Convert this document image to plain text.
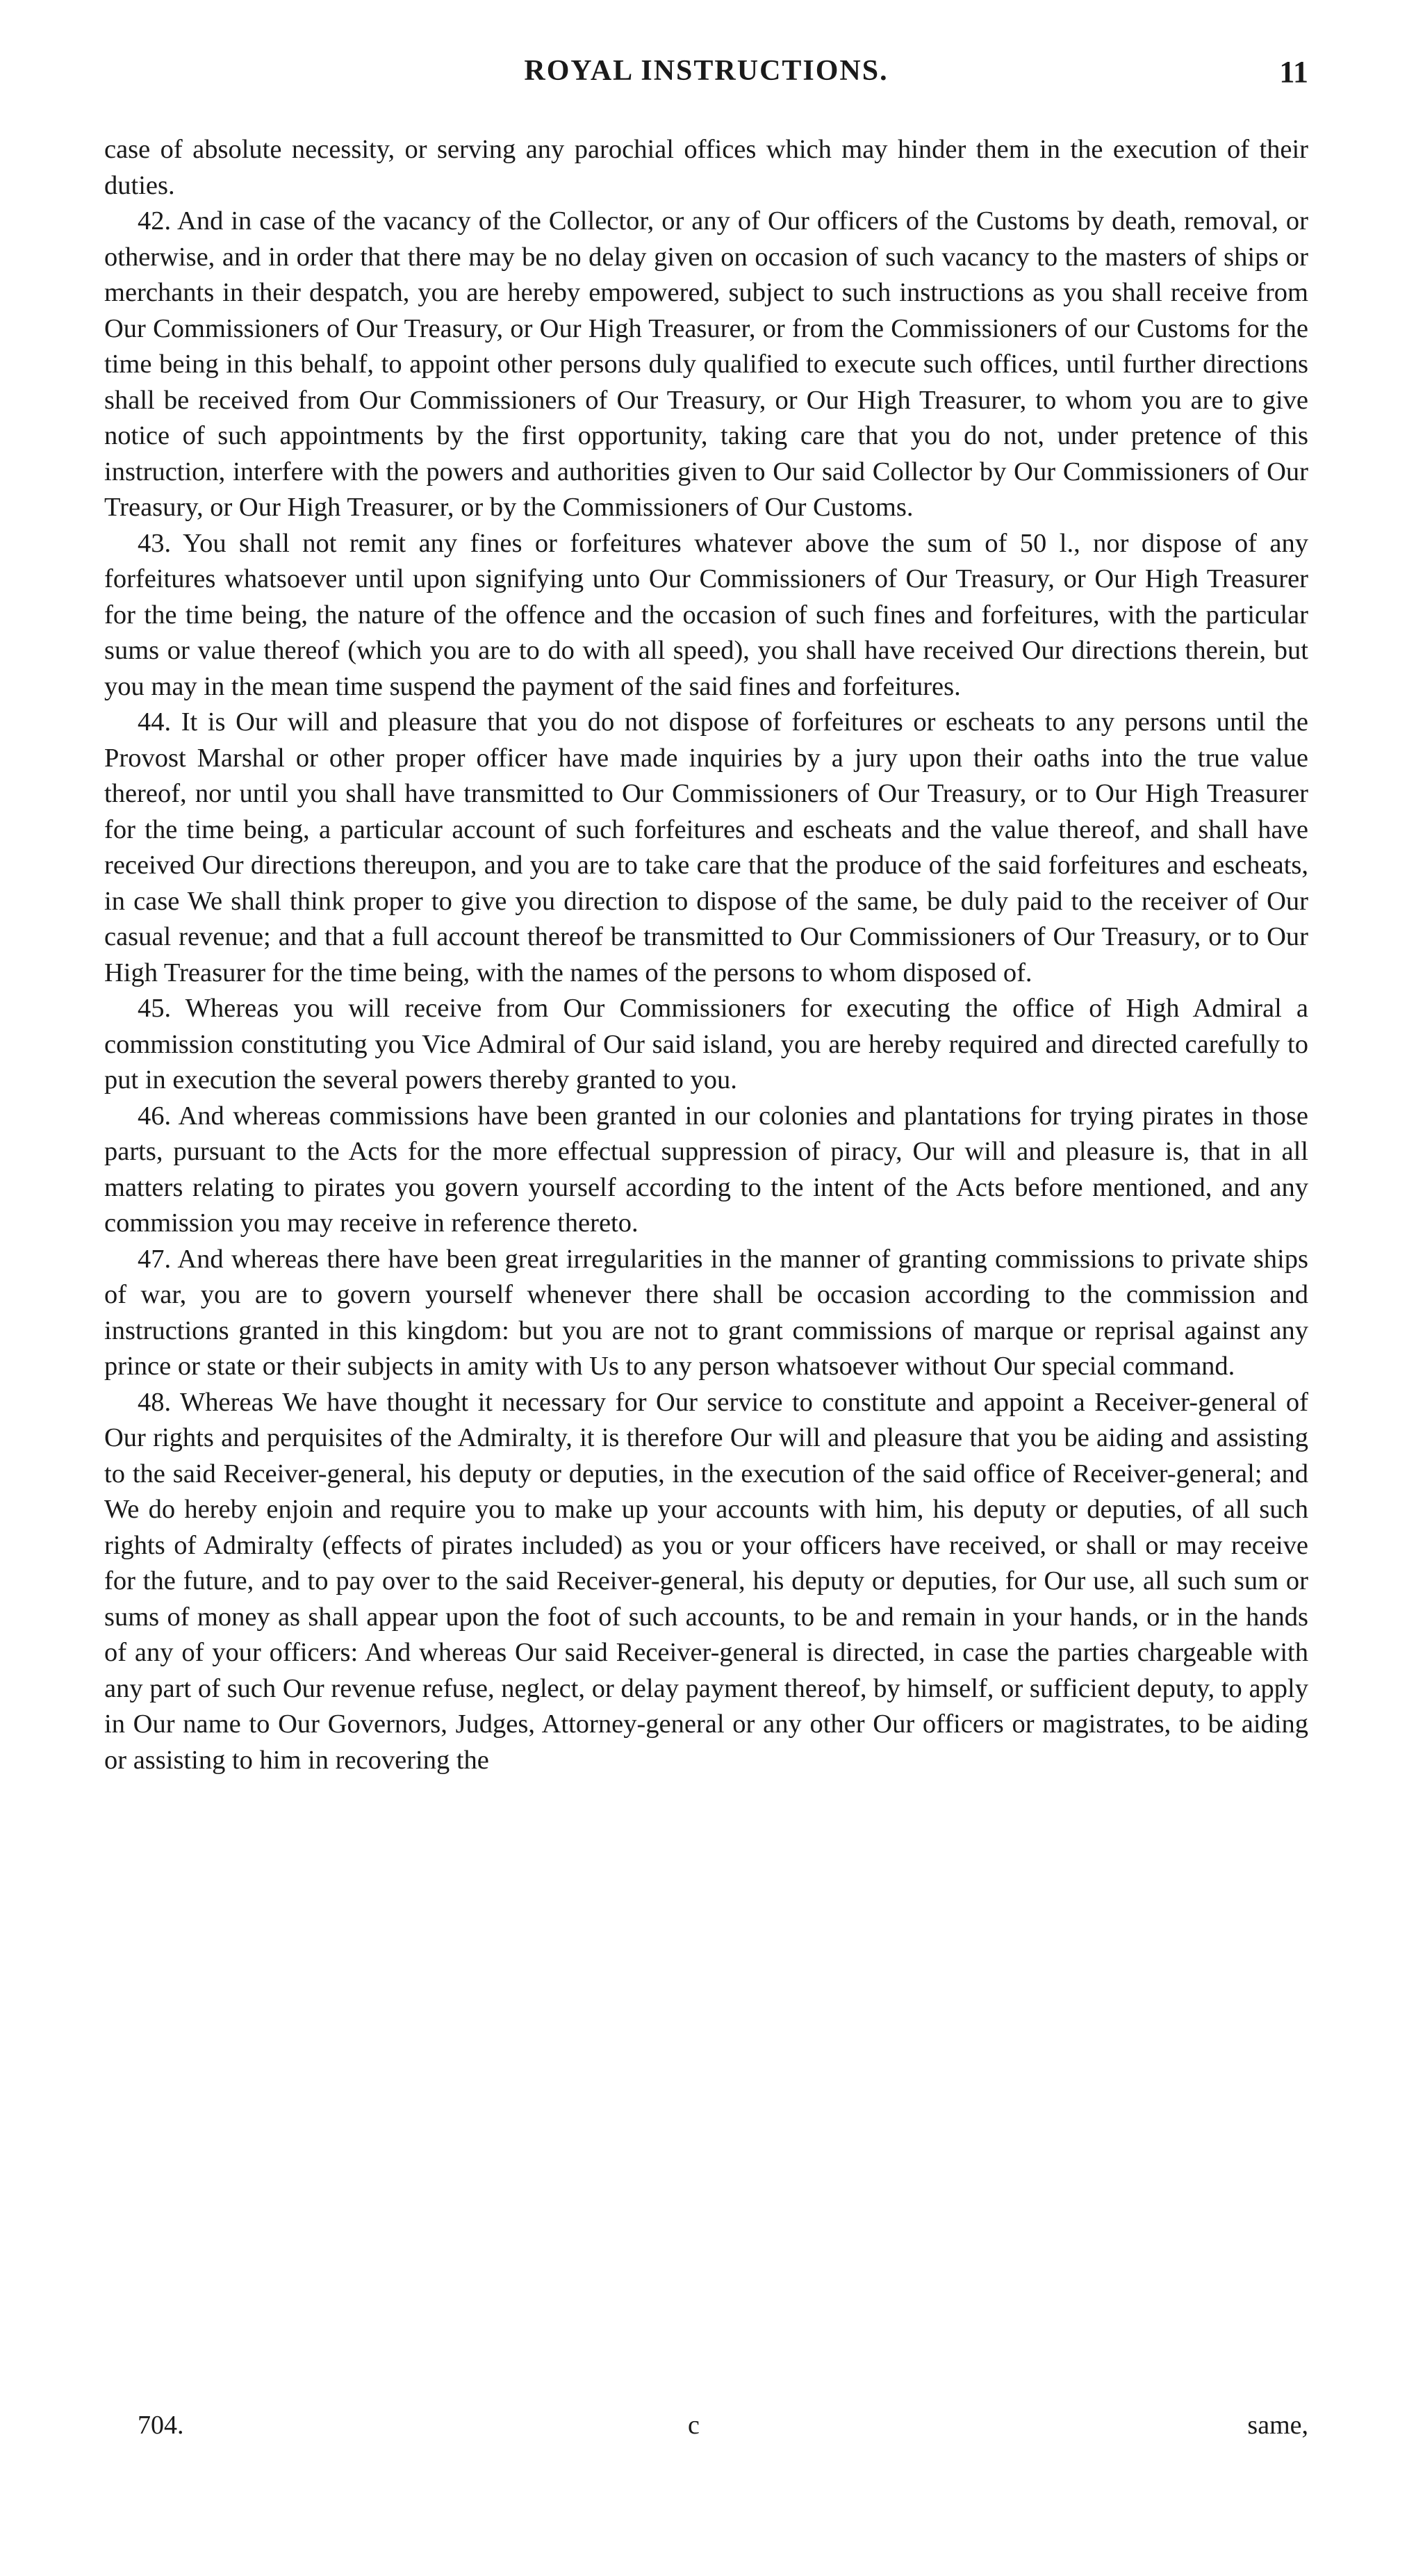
ROYAL INSTRUCTIONS.	11

case of absolute necessity, or serving any parochial offices which may hinder them in the execution of their duties.

42. And in case of the vacancy of the Collector, or any of Our officers of the Customs by death, removal, or otherwise, and in order that there may be no delay given on occasion of such vacancy to the masters of ships or merchants in their despatch, you are hereby empowered, subject to such instructions as you shall receive from Our Commissioners of Our Treasury, or Our High Treasurer, or from the Commissioners of our Customs for the time being in this behalf, to appoint other persons duly qualified to execute such offices, until further directions shall be received from Our Commissioners of Our Treasury, or Our High Treasurer, to whom you are to give notice of such appointments by the first opportunity, taking care that you do not, under pretence of this instruction, interfere with the powers and authorities given to Our said Collector by Our Commissioners of Our Treasury, or Our High Treasurer, or by the Commissioners of Our Customs.

43. You shall not remit any fines or forfeitures whatever above the sum of 50 l., nor dispose of any forfeitures whatsoever until upon signifying unto Our Commissioners of Our Treasury, or Our High Treasurer for the time being, the nature of the offence and the occasion of such fines and forfeitures, with the particular sums or value thereof (which you are to do with all speed), you shall have received Our directions therein, but you may in the mean time suspend the payment of the said fines and forfeitures.

44. It is Our will and pleasure that you do not dispose of forfeitures or escheats to any persons until the Provost Marshal or other proper officer have made inquiries by a jury upon their oaths into the true value thereof, nor until you shall have transmitted to Our Commissioners of Our Treasury, or to Our High Treasurer for the time being, a particular account of such forfeitures and escheats and the value thereof, and shall have received Our directions thereupon, and you are to take care that the produce of the said forfeitures and escheats, in case We shall think proper to give you direction to dispose of the same, be duly paid to the receiver of Our casual revenue; and that a full account thereof be transmitted to Our Commissioners of Our Treasury, or to Our High Treasurer for the time being, with the names of the persons to whom disposed of.

45. Whereas you will receive from Our Commissioners for executing the office of High Admiral a commission constituting you Vice Admiral of Our said island, you are hereby required and directed carefully to put in execution the several powers thereby granted to you.

46. And whereas commissions have been granted in our colonies and plantations for trying pirates in those parts, pursuant to the Acts for the more effectual suppression of piracy, Our will and pleasure is, that in all matters relating to pirates you govern yourself according to the intent of the Acts before mentioned, and any commission you may receive in reference thereto.

47. And whereas there have been great irregularities in the manner of granting commissions to private ships of war, you are to govern yourself whenever there shall be occasion according to the commission and instructions granted in this kingdom: but you are not to grant commissions of marque or reprisal against any prince or state or their subjects in amity with Us to any person whatsoever without Our special command.

48. Whereas We have thought it necessary for Our service to constitute and appoint a Receiver-general of Our rights and perquisites of the Admiralty, it is therefore Our will and pleasure that you be aiding and assisting to the said Receiver-general, his deputy or deputies, in the execution of the said office of Receiver-general; and We do hereby enjoin and require you to make up your accounts with him, his deputy or deputies, of all such rights of Admiralty (effects of pirates included) as you or your officers have received, or shall or may receive for the future, and to pay over to the said Receiver-general, his deputy or deputies, for Our use, all such sum or sums of money as shall appear upon the foot of such accounts, to be and remain in your hands, or in the hands of any of your officers: And whereas Our said Receiver-general is directed, in case the parties chargeable with any part of such Our revenue refuse, neglect, or delay payment thereof, by himself, or sufficient deputy, to apply in Our name to Our Governors, Judges, Attorney-general or any other Our officers or magistrates, to be aiding or assisting to him in recovering the

704.	c	same,
